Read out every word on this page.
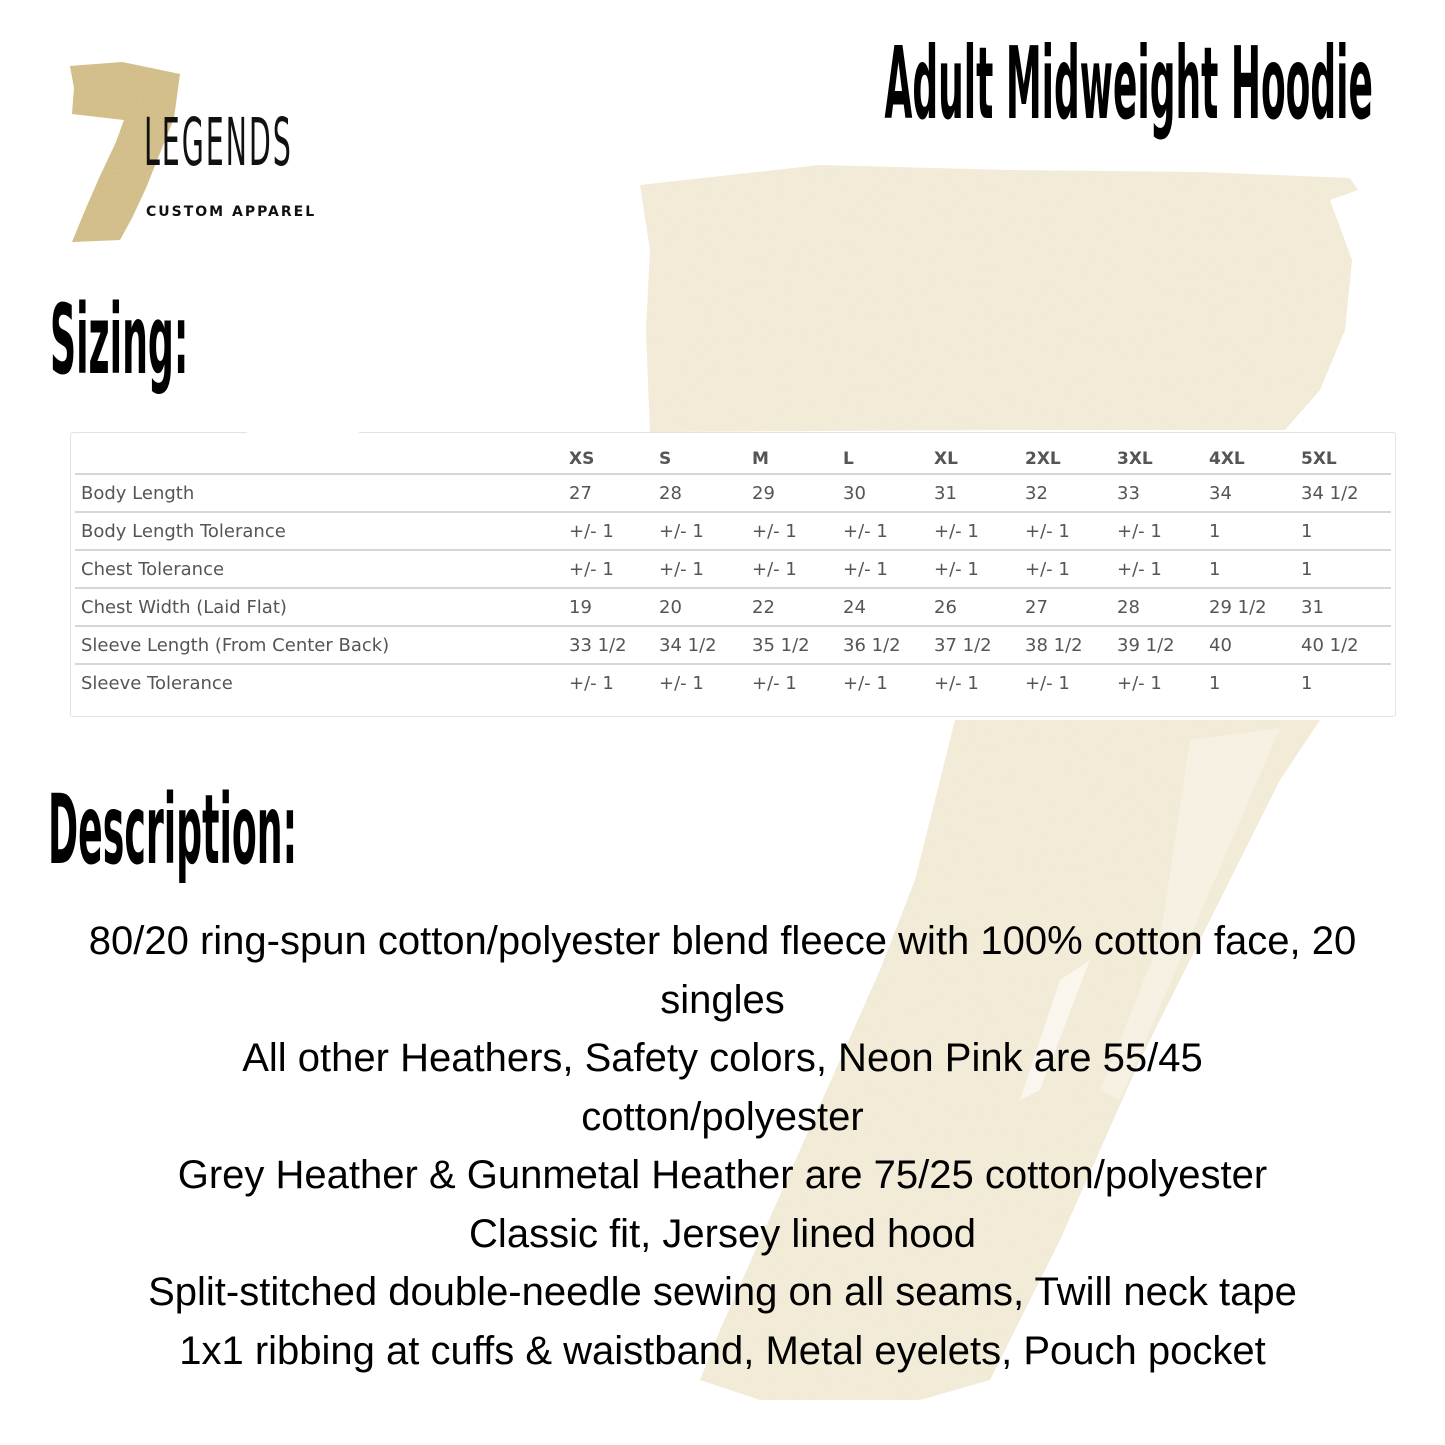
LEGENDS
CUSTOM APPAREL
Adult Midweight Hoodie
Sizing:
	XS	S	M	L	XL	2XL	3XL	4XL	5XL
Body Length	27	28	29	30	31	32	33	34	34 1/2
Body Length Tolerance	+/- 1	+/- 1	+/- 1	+/- 1	+/- 1	+/- 1	+/- 1	1	1
Chest Tolerance	+/- 1	+/- 1	+/- 1	+/- 1	+/- 1	+/- 1	+/- 1	1	1
Chest Width (Laid Flat)	19	20	22	24	26	27	28	29 1/2	31
Sleeve Length (From Center Back)	33 1/2	34 1/2	35 1/2	36 1/2	37 1/2	38 1/2	39 1/2	40	40 1/2
Sleeve Tolerance	+/- 1	+/- 1	+/- 1	+/- 1	+/- 1	+/- 1	+/- 1	1	1
Description:

80/20 ring-spun cotton/polyester blend fleece with 100% cotton face, 20 singles

All other Heathers, Safety colors, Neon Pink are 55/45 cotton/polyester

Grey Heather & Gunmetal Heather are 75/25 cotton/polyester

Classic fit, Jersey lined hood

Split-stitched double-needle sewing on all seams, Twill neck tape

1x1 ribbing at cuffs & waistband, Metal eyelets, Pouch pocket
